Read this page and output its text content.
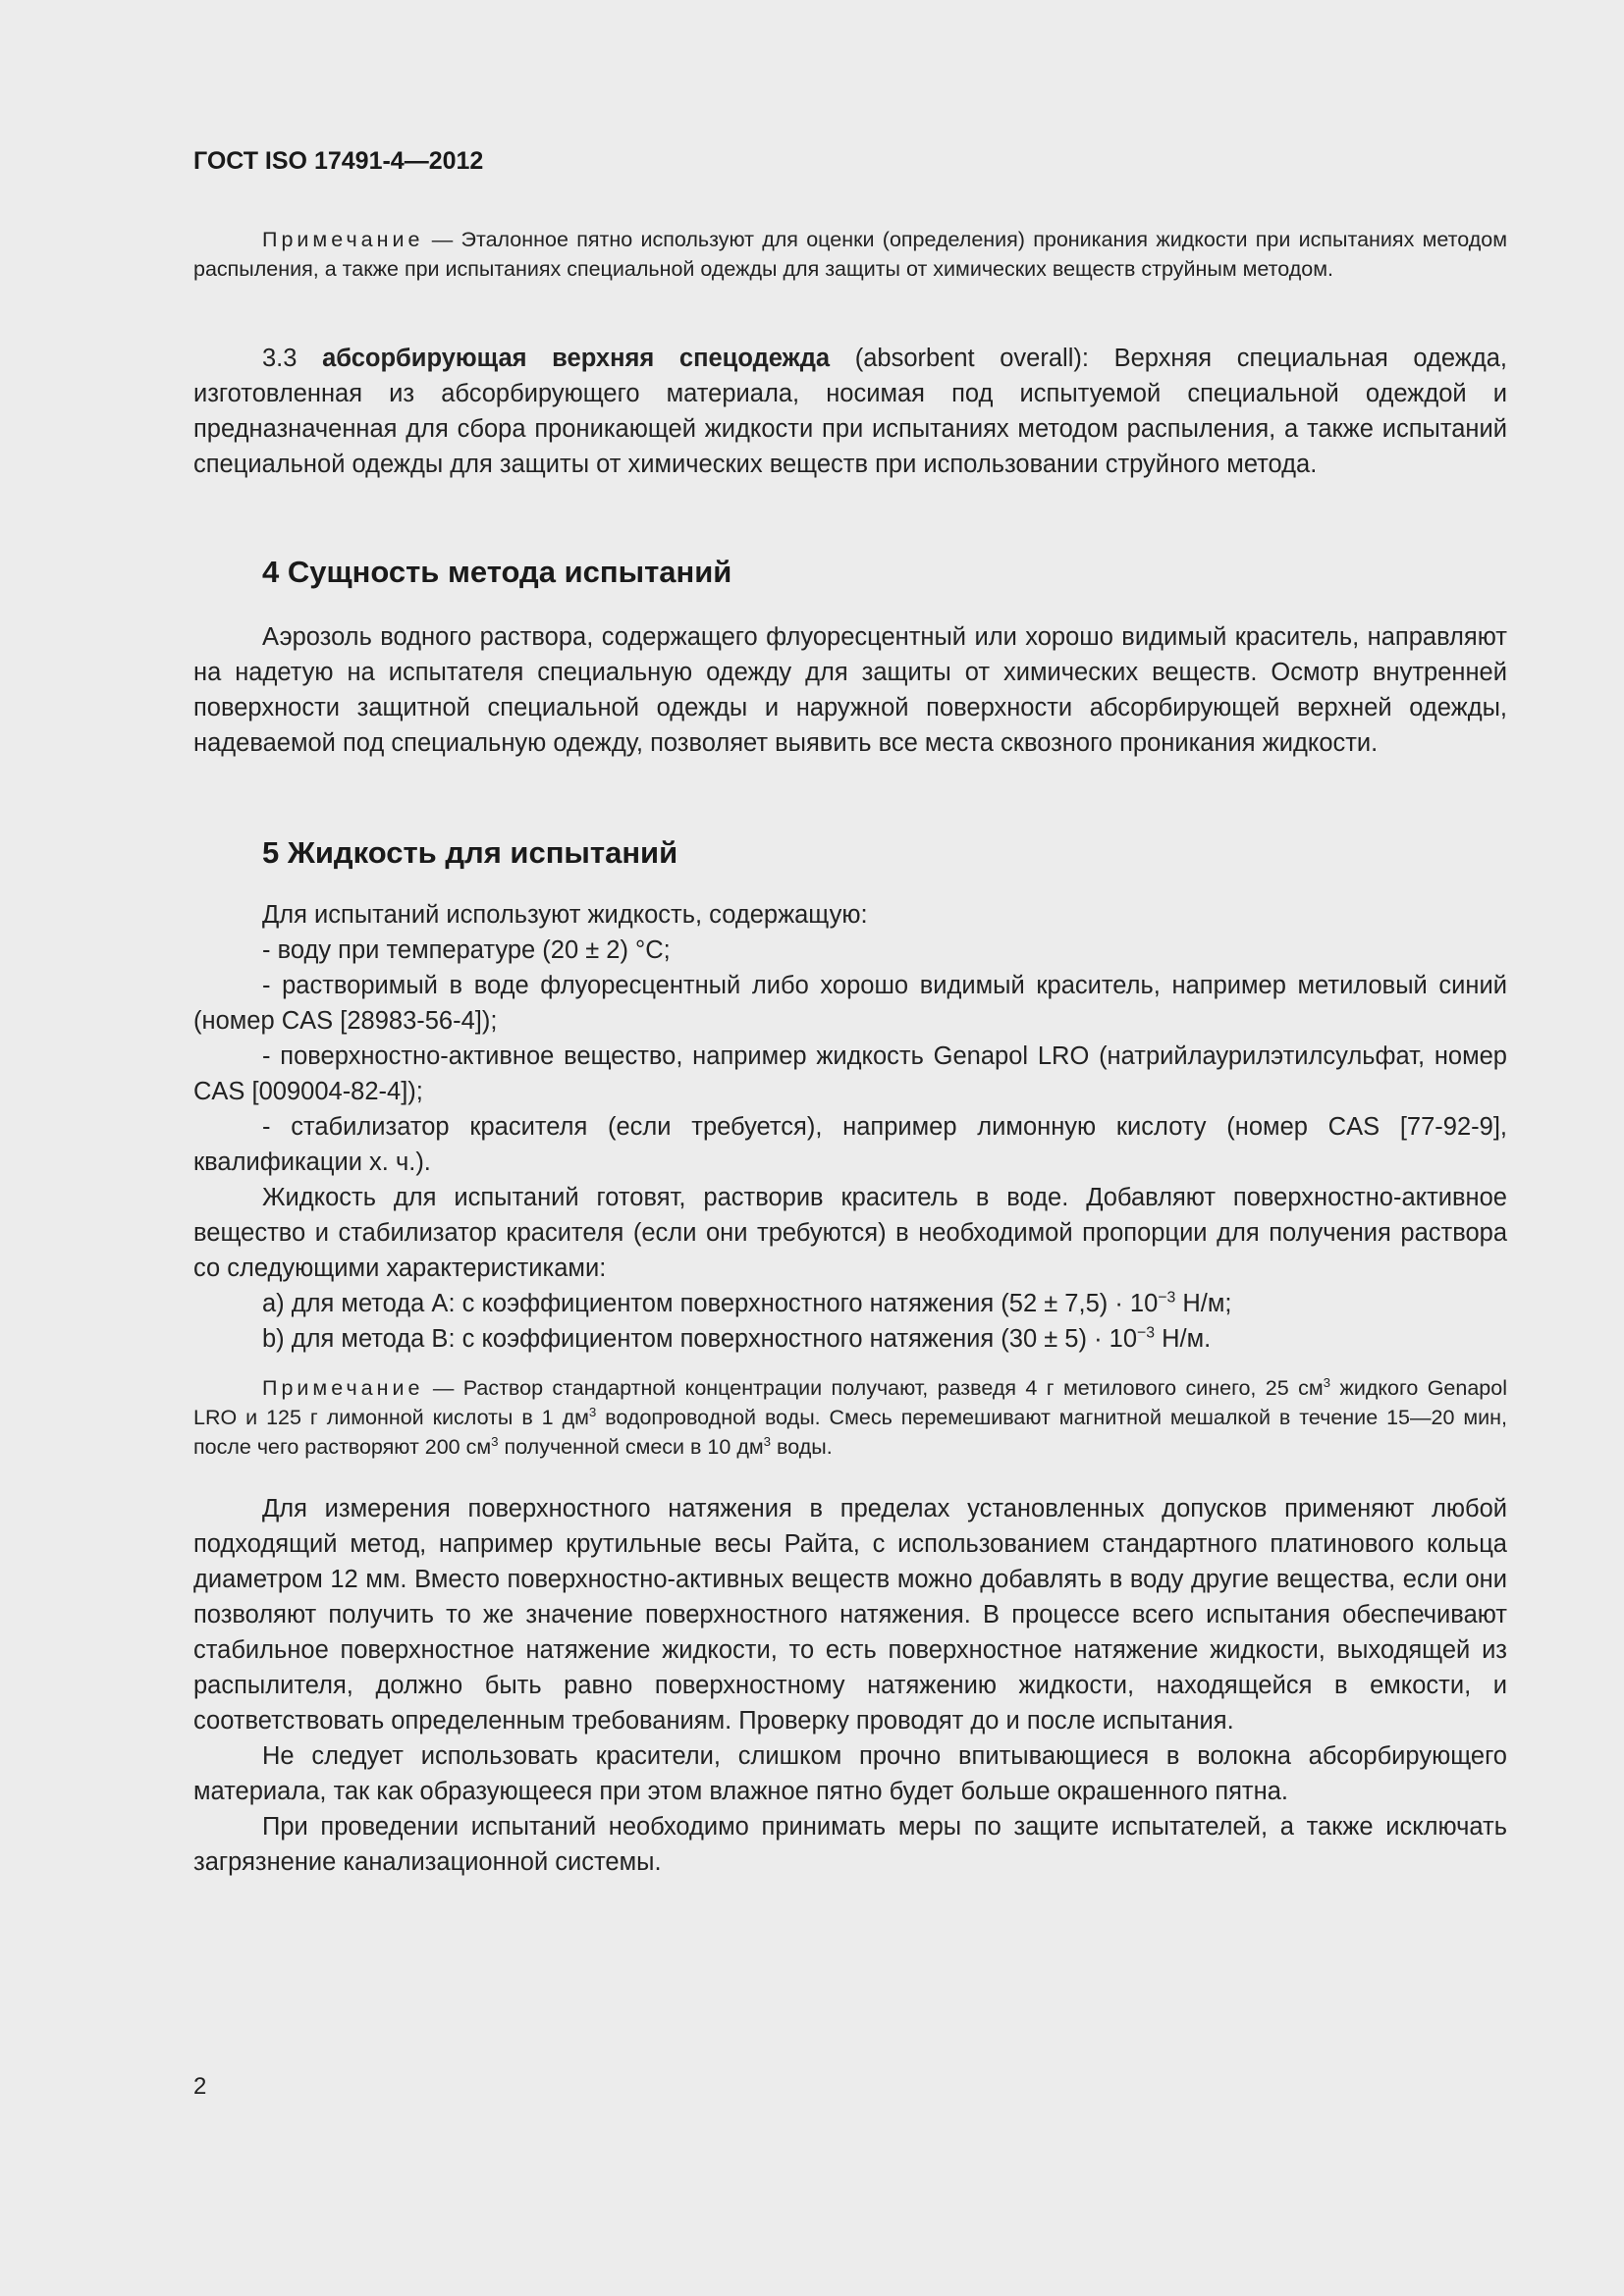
ГОСТ ISO 17491-4—2012

Примечание — Эталонное пятно используют для оценки (определения) проникания жидкости при испытаниях методом распыления, а также при испытаниях специальной одежды для защиты от химических веществ струйным методом.

3.3 абсорбирующая верхняя спецодежда (absorbent overall): Верхняя специальная одежда, изготовленная из абсорбирующего материала, носимая под испытуемой специальной одеждой и предназначенная для сбора проникающей жидкости при испытаниях методом распыления, а также испытаний специальной одежды для защиты от химических веществ при использовании струйного метода.

4 Сущность метода испытаний

Аэрозоль водного раствора, содержащего флуоресцентный или хорошо видимый краситель, направляют на надетую на испытателя специальную одежду для защиты от химических веществ. Осмотр внутренней поверхности защитной специальной одежды и наружной поверхности абсорбирующей верхней одежды, надеваемой под специальную одежду, позволяет выявить все места сквозного проникания жидкости.

5 Жидкость для испытаний

Для испытаний используют жидкость, содержащую:

- воду при температуре (20 ± 2) °C;

- растворимый в воде флуоресцентный либо хорошо видимый краситель, например метиловый синий (номер CAS [28983-56-4]);

- поверхностно-активное вещество, например жидкость Genapol LRO (натрийлаурилэтилсульфат, номер CAS [009004-82-4]);

- стабилизатор красителя (если требуется), например лимонную кислоту (номер CAS [77-92-9], квалификации х. ч.).

Жидкость для испытаний готовят, растворив краситель в воде. Добавляют поверхностно-активное вещество и стабилизатор красителя (если они требуются) в необходимой пропорции для получения раствора со следующими характеристиками:

a) для метода A: с коэффициентом поверхностного натяжения $(52 \pm 7,5) \cdot 10^{-3}$ Н/м;

b) для метода B: с коэффициентом поверхностного натяжения $(30 \pm 5) \cdot 10^{-3}$ Н/м.

Примечание — Раствор стандартной концентрации получают, разведя 4 г метилового синего, 25 $см^3$ жидкого Genapol LRO и 125 г лимонной кислоты в 1 $дм^3$ водопроводной воды. Смесь перемешивают магнитной мешалкой в течение 15—20 мин, после чего растворяют 200 $см^3$ полученной смеси в 10 $дм^3$ воды.

Для измерения поверхностного натяжения в пределах установленных допусков применяют любой подходящий метод, например крутильные весы Райта, с использованием стандартного платинового кольца диаметром 12 мм. Вместо поверхностно-активных веществ можно добавлять в воду другие вещества, если они позволяют получить то же значение поверхностного натяжения. В процессе всего испытания обеспечивают стабильное поверхностное натяжение жидкости, то есть поверхностное натяжение жидкости, выходящей из распылителя, должно быть равно поверхностному натяжению жидкости, находящейся в емкости, и соответствовать определенным требованиям. Проверку проводят до и после испытания.

Не следует использовать красители, слишком прочно впитывающиеся в волокна абсорбирующего материала, так как образующееся при этом влажное пятно будет больше окрашенного пятна.

При проведении испытаний необходимо принимать меры по защите испытателей, а также исключать загрязнение канализационной системы.

2
